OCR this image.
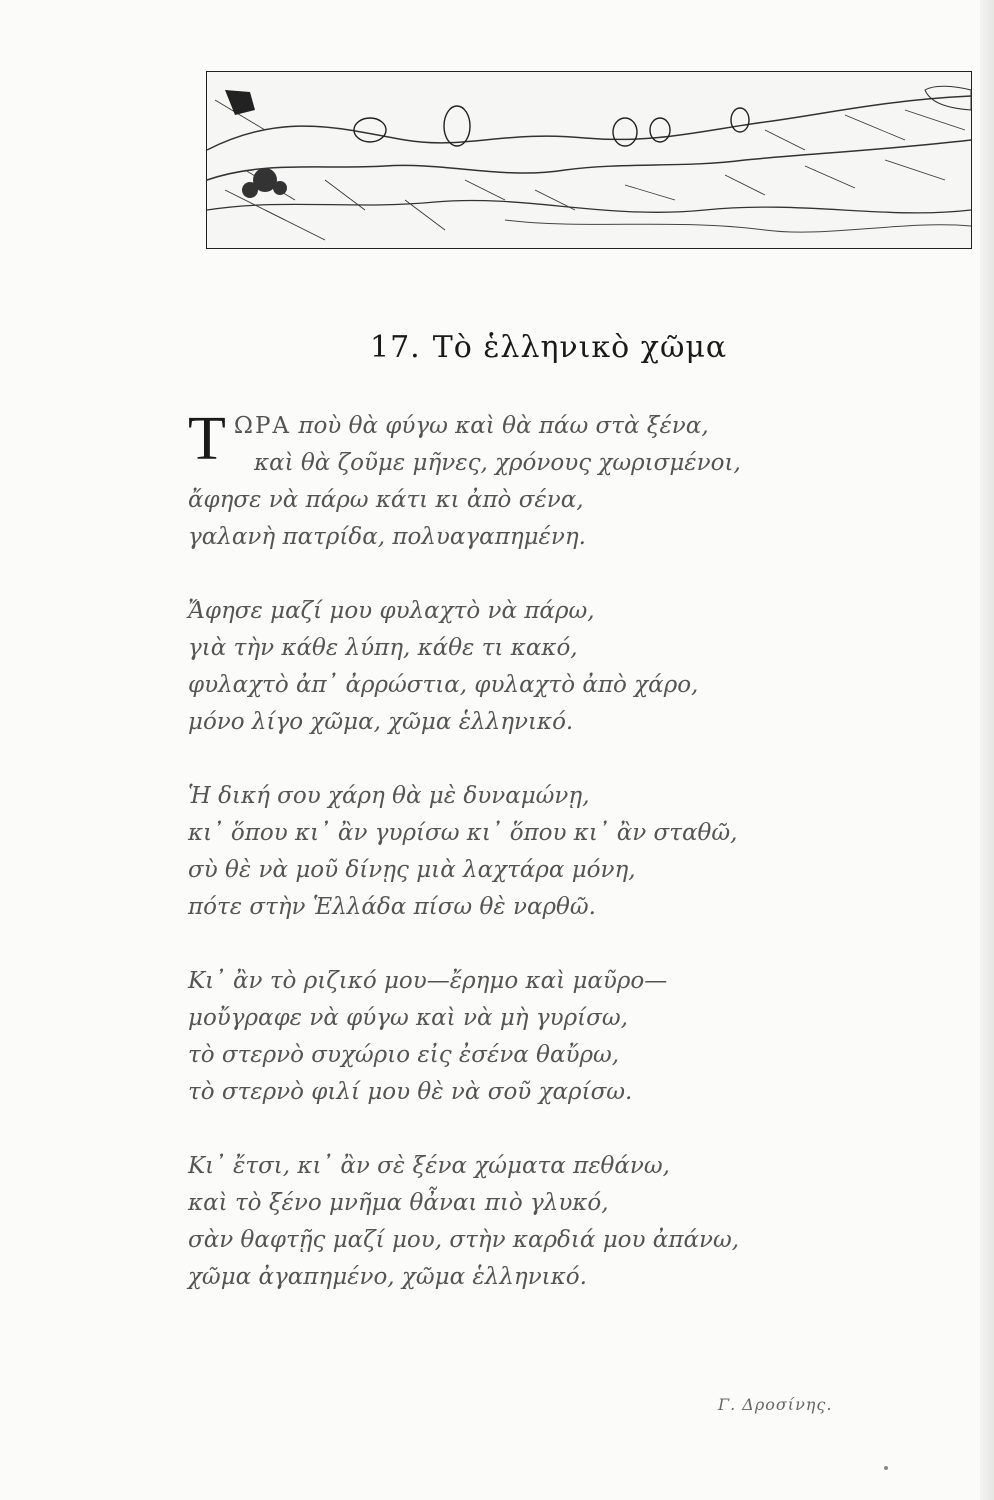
17. Τὸ ἑλληνικὸ χῶμα
Τ ΩΡΑ ποὺ θὰ φύγω καὶ θὰ πάω στὰ ξένα,
καὶ θὰ ζοῦμε μῆνες, χρόνους χωρισμένοι,
ἄφησε νὰ πάρω κάτι κι ἀπὸ σένα,
γαλανὴ πατρίδα, πολυαγαπημένη.
Ἄφησε μαζί μου φυλαχτὸ νὰ πάρω,
γιὰ τὴν κάθε λύπη, κάθε τι κακό,
φυλαχτὸ ἀπ᾿ ἀρρώστια, φυλαχτὸ ἀπὸ χάρο,
μόνο λίγο χῶμα, χῶμα ἑλληνικό.
Ἡ δική σου χάρη θὰ μὲ δυναμώνῃ,
κι᾿ ὅπου κι᾿ ἂν γυρίσω κι᾿ ὅπου κι᾿ ἂν σταθῶ,
σὺ θὲ νὰ μοῦ δίνῃς μιὰ λαχτάρα μόνη,
πότε στὴν Ἑλλάδα πίσω θὲ ναρθῶ.
Κι᾿ ἂν τὸ ριζικό μου—ἔρημο καὶ μαῦρο—
μοὔγραφε νὰ φύγω καὶ νὰ μὴ γυρίσω,
τὸ στερνὸ συχώριο εἰς ἐσένα θαὔρω,
τὸ στερνὸ φιλί μου θὲ νὰ σοῦ χαρίσω.
Κι᾿ ἔτσι, κι᾿ ἂν σὲ ξένα χώματα πεθάνω,
καὶ τὸ ξένο μνῆμα θἆναι πιὸ γλυκό,
σὰν θαφτῇς μαζί μου, στὴν καρδιά μου ἀπάνω,
χῶμα ἀγαπημένο, χῶμα ἑλληνικό.
Γ. Δροσίνης.
